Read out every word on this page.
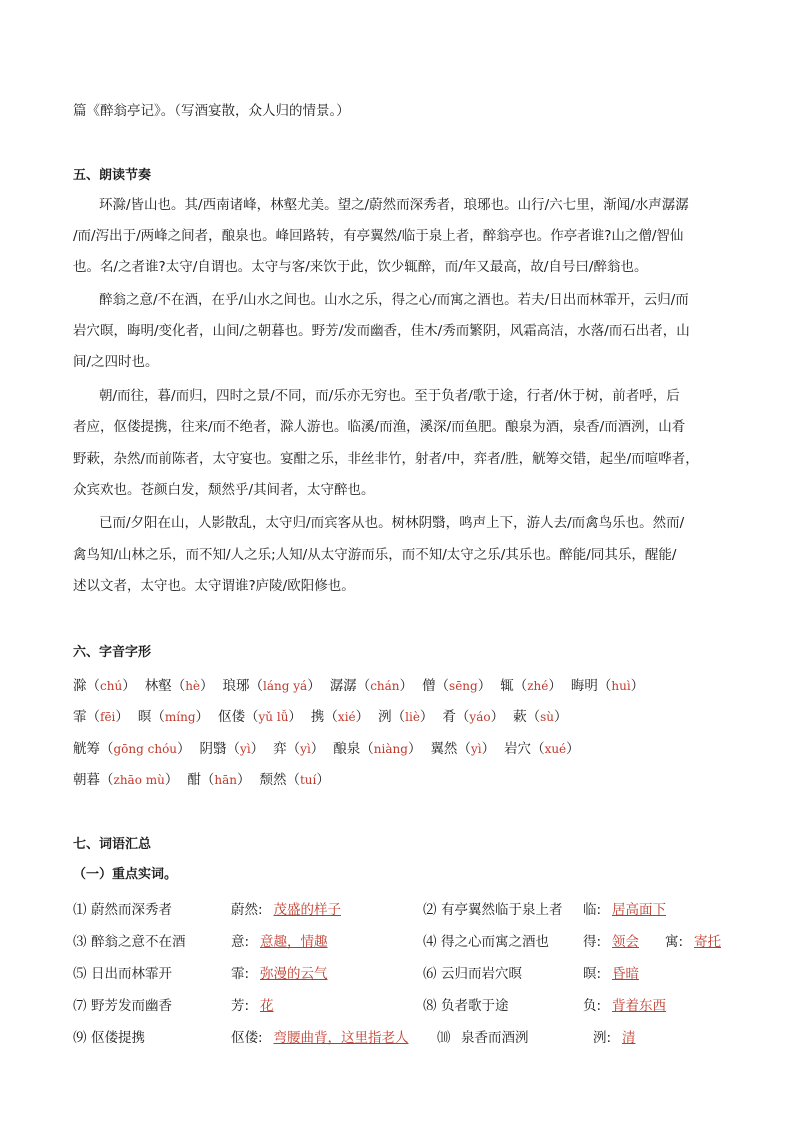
篇《醉翁亭记》。（写酒宴散，众人归的情景。）
五、朗读节奏
环滁/皆山也。其/西南诸峰，林壑尤美。望之/蔚然而深秀者，琅琊也。山行/六七里，渐闻/水声潺潺
/而/泻出于/两峰之间者，酿泉也。峰回路转，有亭翼然/临于泉上者，醉翁亭也。作亭者谁?山之僧/智仙
也。名/之者谁?太守/自谓也。太守与客/来饮于此，饮少辄醉，而/年又最高，故/自号曰/醉翁也。
醉翁之意/不在酒，在乎/山水之间也。山水之乐，得之心/而寓之酒也。若夫/日出而林霏开，云归/而
岩穴暝，晦明/变化者，山间/之朝暮也。野芳/发而幽香，佳木/秀而繁阴，风霜高洁，水落/而石出者，山
间/之四时也。
朝/而往，暮/而归，四时之景/不同，而/乐亦无穷也。至于负者/歌于途，行者/休于树，前者呼，后
者应，伛偻提携，往来/而不绝者，滁人游也。临溪/而渔，溪深/而鱼肥。酿泉为酒，泉香/而酒洌，山肴
野蔌，杂然/而前陈者，太守宴也。宴酣之乐，非丝非竹，射者/中，弈者/胜，觥筹交错，起坐/而喧哗者，
众宾欢也。苍颜白发，颓然乎/其间者，太守醉也。
已而/夕阳在山，人影散乱，太守归/而宾客从也。树林阴翳，鸣声上下，游人去/而禽鸟乐也。然而/
禽鸟知/山林之乐，而不知/人之乐;人知/从太守游而乐，而不知/太守之乐/其乐也。醉能/同其乐，醒能/
述以文者，太守也。太守谓谁?庐陵/欧阳修也。
六、字音字形
滁（chú） 林壑（hè） 琅琊（láng yá） 潺潺（chán） 僧（sēng） 辄（zhé） 晦明（huì）
霏（fēi） 暝（míng） 伛偻（yǔ lǚ） 携（xié） 洌（liè） 肴（yáo） 蔌（sù）
觥筹（gōng chóu） 阴翳（yì） 弈（yì） 酿泉（niàng） 翼然（yì） 岩穴（xué）
朝暮（zhāo mù） 酣（hān） 颓然（tuí）
七、词语汇总
（一）重点实词。
⑴ 蔚然而深秀者	蔚然: 茂盛的样子	⑵ 有亭翼然临于泉上者 临: 居高面下
⑶ 醉翁之意不在酒	意: 意趣，情趣	⑷ 得之心而寓之酒也	得: 领会 寓: 寄托
⑸ 日出而林霏开	霏: 弥漫的云气	⑹ 云归而岩穴暝	暝: 昏暗
⑺ 野芳发而幽香	芳: 花	⑻ 负者歌于途	负: 背着东西
⑼ 伛偻提携	伛偻: 弯腰曲背，这里指老人 ⑽ 泉香而酒洌	洌: 清
